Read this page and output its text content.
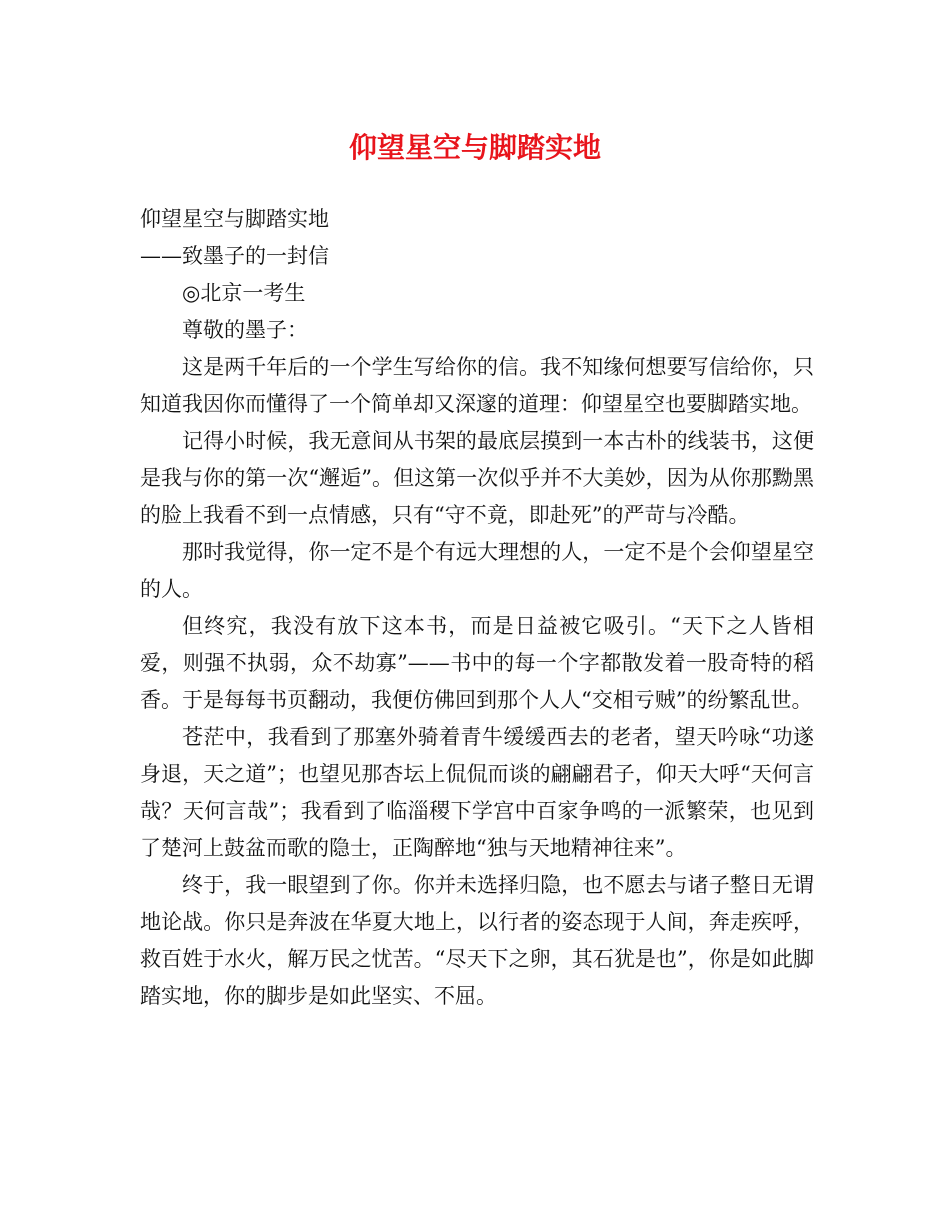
仰望星空与脚踏实地

仰望星空与脚踏实地

——致墨子的一封信

◎北京一考生

尊敬的墨子：

这是两千年后的一个学生写给你的信。我不知缘何想要写信给你，只知道我因你而懂得了一个简单却又深邃的道理：仰望星空也要脚踏实地。

记得小时候，我无意间从书架的最底层摸到一本古朴的线装书，这便是我与你的第一次“邂逅”。但这第一次似乎并不大美妙，因为从你那黝黑的脸上我看不到一点情感，只有“守不竟，即赴死”的严苛与冷酷。

那时我觉得，你一定不是个有远大理想的人，一定不是个会仰望星空的人。

但终究，我没有放下这本书，而是日益被它吸引。“天下之人皆相爱，则强不执弱，众不劫寡”——书中的每一个字都散发着一股奇特的稻香。于是每每书页翻动，我便仿佛回到那个人人“交相亏贼”的纷繁乱世。

苍茫中，我看到了那塞外骑着青牛缓缓西去的老者，望天吟咏“功遂身退，天之道”；也望见那杏坛上侃侃而谈的翩翩君子，仰天大呼“天何言哉？天何言哉”；我看到了临淄稷下学宫中百家争鸣的一派繁荣，也见到了楚河上鼓盆而歌的隐士，正陶醉地“独与天地精神往来”。

终于，我一眼望到了你。你并未选择归隐，也不愿去与诸子整日无谓地论战。你只是奔波在华夏大地上，以行者的姿态现于人间，奔走疾呼，救百姓于水火，解万民之忧苦。“尽天下之卵，其石犹是也”，你是如此脚踏实地，你的脚步是如此坚实、不屈。
